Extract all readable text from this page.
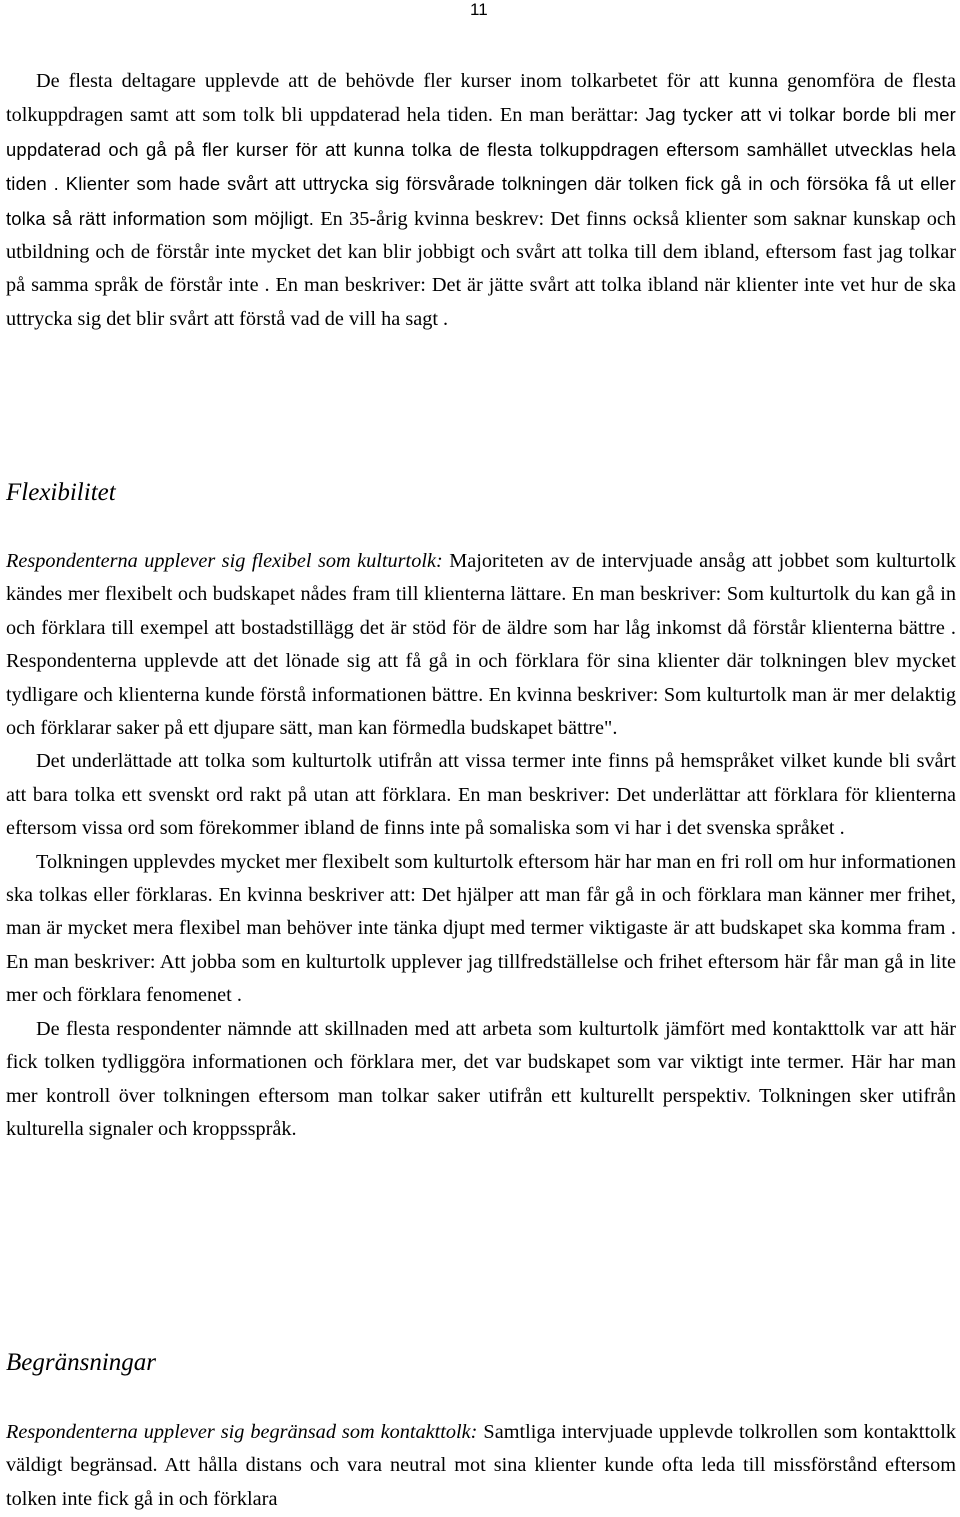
11

De flesta deltagare upplevde att de behövde fler kurser inom tolkarbetet för att kunna genomföra de flesta tolkuppdragen samt att som tolk bli uppdaterad hela tiden. En man berättar: Jag tycker att vi tolkar borde bli mer uppdaterad och gå på fler kurser för att kunna tolka de flesta tolkuppdragen eftersom samhället utvecklas hela tiden . Klienter som hade svårt att uttrycka sig försvårade tolkningen där tolken fick gå in och försöka få ut eller tolka så rätt information som möjligt. En 35-årig kvinna beskrev: Det finns också klienter som saknar kunskap och utbildning och de förstår inte mycket det kan blir jobbigt och svårt att tolka till dem ibland, eftersom fast jag tolkar på samma språk de förstår inte . En man beskriver: Det är jätte svårt att tolka ibland när klienter inte vet hur de ska uttrycka sig det blir svårt att förstå vad de vill ha sagt .

Flexibilitet

Respondenterna upplever sig flexibel som kulturtolk: Majoriteten av de intervjuade ansåg att jobbet som kulturtolk kändes mer flexibelt och budskapet nådes fram till klienterna lättare. En man beskriver: Som kulturtolk du kan gå in och förklara till exempel att bostadstillägg det är stöd för de äldre som har låg inkomst då förstår klienterna bättre . Respondenterna upplevde att det lönade sig att få gå in och förklara för sina klienter där tolkningen blev mycket tydligare och klienterna kunde förstå informationen bättre. En kvinna beskriver: Som kulturtolk man är mer delaktig och förklarar saker på ett djupare sätt, man kan förmedla budskapet bättre".

Det underlättade att tolka som kulturtolk utifrån att vissa termer inte finns på hemspråket vilket kunde bli svårt att bara tolka ett svenskt ord rakt på utan att förklara. En man beskriver: Det underlättar att förklara för klienterna eftersom vissa ord som förekommer ibland de finns inte på somaliska som vi har i det svenska språket .

Tolkningen upplevdes mycket mer flexibelt som kulturtolk eftersom här har man en fri roll om hur informationen ska tolkas eller förklaras. En kvinna beskriver att: Det hjälper att man får gå in och förklara man känner mer frihet, man är mycket mera flexibel man behöver inte tänka djupt med termer viktigaste är att budskapet ska komma fram . En man beskriver: Att jobba som en kulturtolk upplever jag tillfredställelse och frihet eftersom här får man gå in lite mer och förklara fenomenet .

De flesta respondenter nämnde att skillnaden med att arbeta som kulturtolk jämfört med kontakttolk var att här fick tolken tydliggöra informationen och förklara mer, det var budskapet som var viktigt inte termer. Här har man mer kontroll över tolkningen eftersom man tolkar saker utifrån ett kulturellt perspektiv. Tolkningen sker utifrån kulturella signaler och kroppsspråk.

Begränsningar

Respondenterna upplever sig begränsad som kontakttolk: Samtliga intervjuade upplevde tolkrollen som kontakttolk väldigt begränsad. Att hålla distans och vara neutral mot sina klienter kunde ofta leda till missförstånd eftersom tolken inte fick gå in och förklara
